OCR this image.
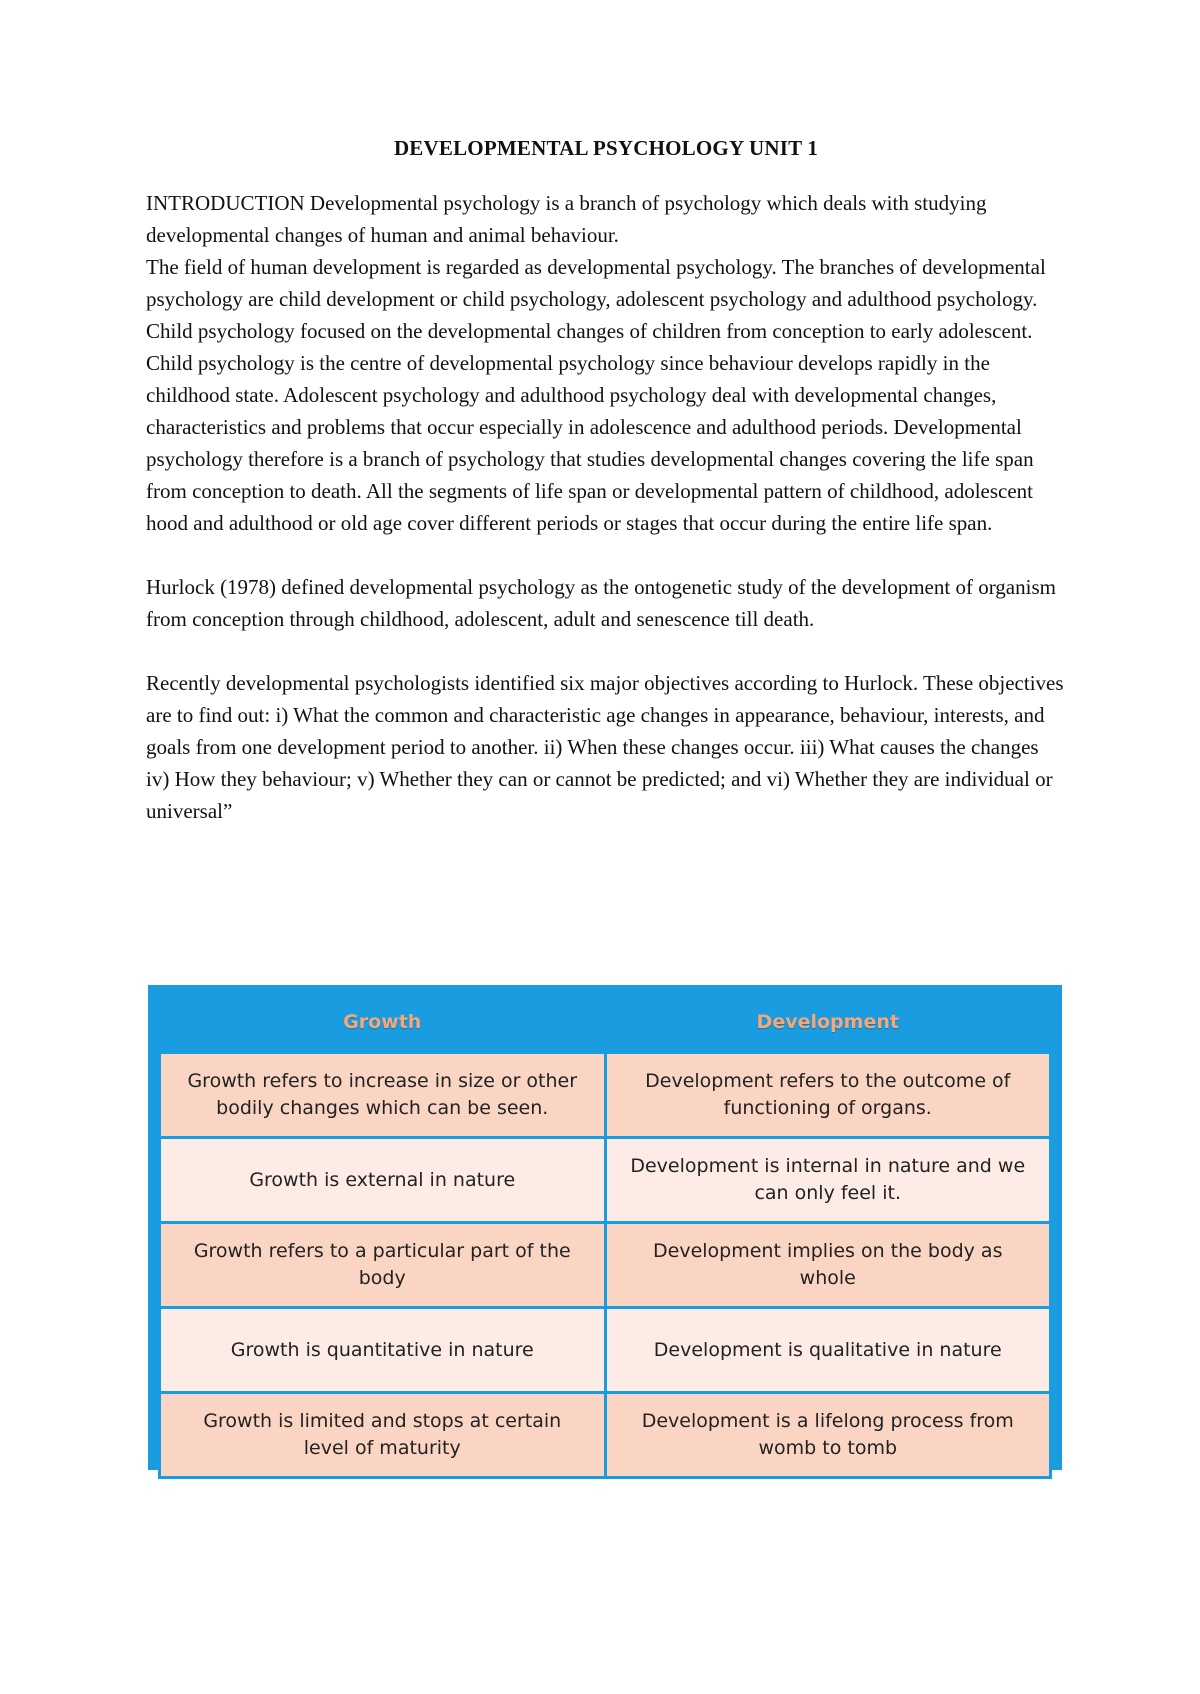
DEVELOPMENTAL PSYCHOLOGY UNIT 1

INTRODUCTION Developmental psychology is a branch of psychology which deals with studying developmental changes of human and animal behaviour.

The field of human development is regarded as developmental psychology. The branches of developmental psychology are child development or child psychology, adolescent psychology and adulthood psychology. Child psychology focused on the developmental changes of children from conception to early adolescent. Child psychology is the centre of developmental psychology since behaviour develops rapidly in the childhood state. Adolescent psychology and adulthood psychology deal with developmental changes, characteristics and problems that occur especially in adolescence and adulthood periods. Developmental psychology therefore is a branch of psychology that studies developmental changes covering the life span from conception to death. All the segments of life span or developmental pattern of childhood, adolescent hood and adulthood or old age cover different periods or stages that occur during the entire life span.

Hurlock (1978) defined developmental psychology as the ontogenetic study of the development of organism from conception through childhood, adolescent, adult and senescence till death.

Recently developmental psychologists identified six major objectives according to Hurlock. These objectives are to find out: i) What the common and characteristic age changes in appearance, behaviour, interests, and goals from one development period to another. ii) When these changes occur. iii) What causes the changes iv) How they behaviour; v) Whether they can or cannot be predicted; and vi) Whether they are individual or universal”

Growth	Development
Growth refers to increase in size or other bodily changes which can be seen.	Development refers to the outcome of functioning of organs.
Growth is external in nature	Development is internal in nature and we can only feel it.
Growth refers to a particular part of the body	Development implies on the body as whole
Growth is quantitative in nature	Development is qualitative in nature
Growth is limited and stops at certain level of maturity	Development is a lifelong process from womb to tomb
